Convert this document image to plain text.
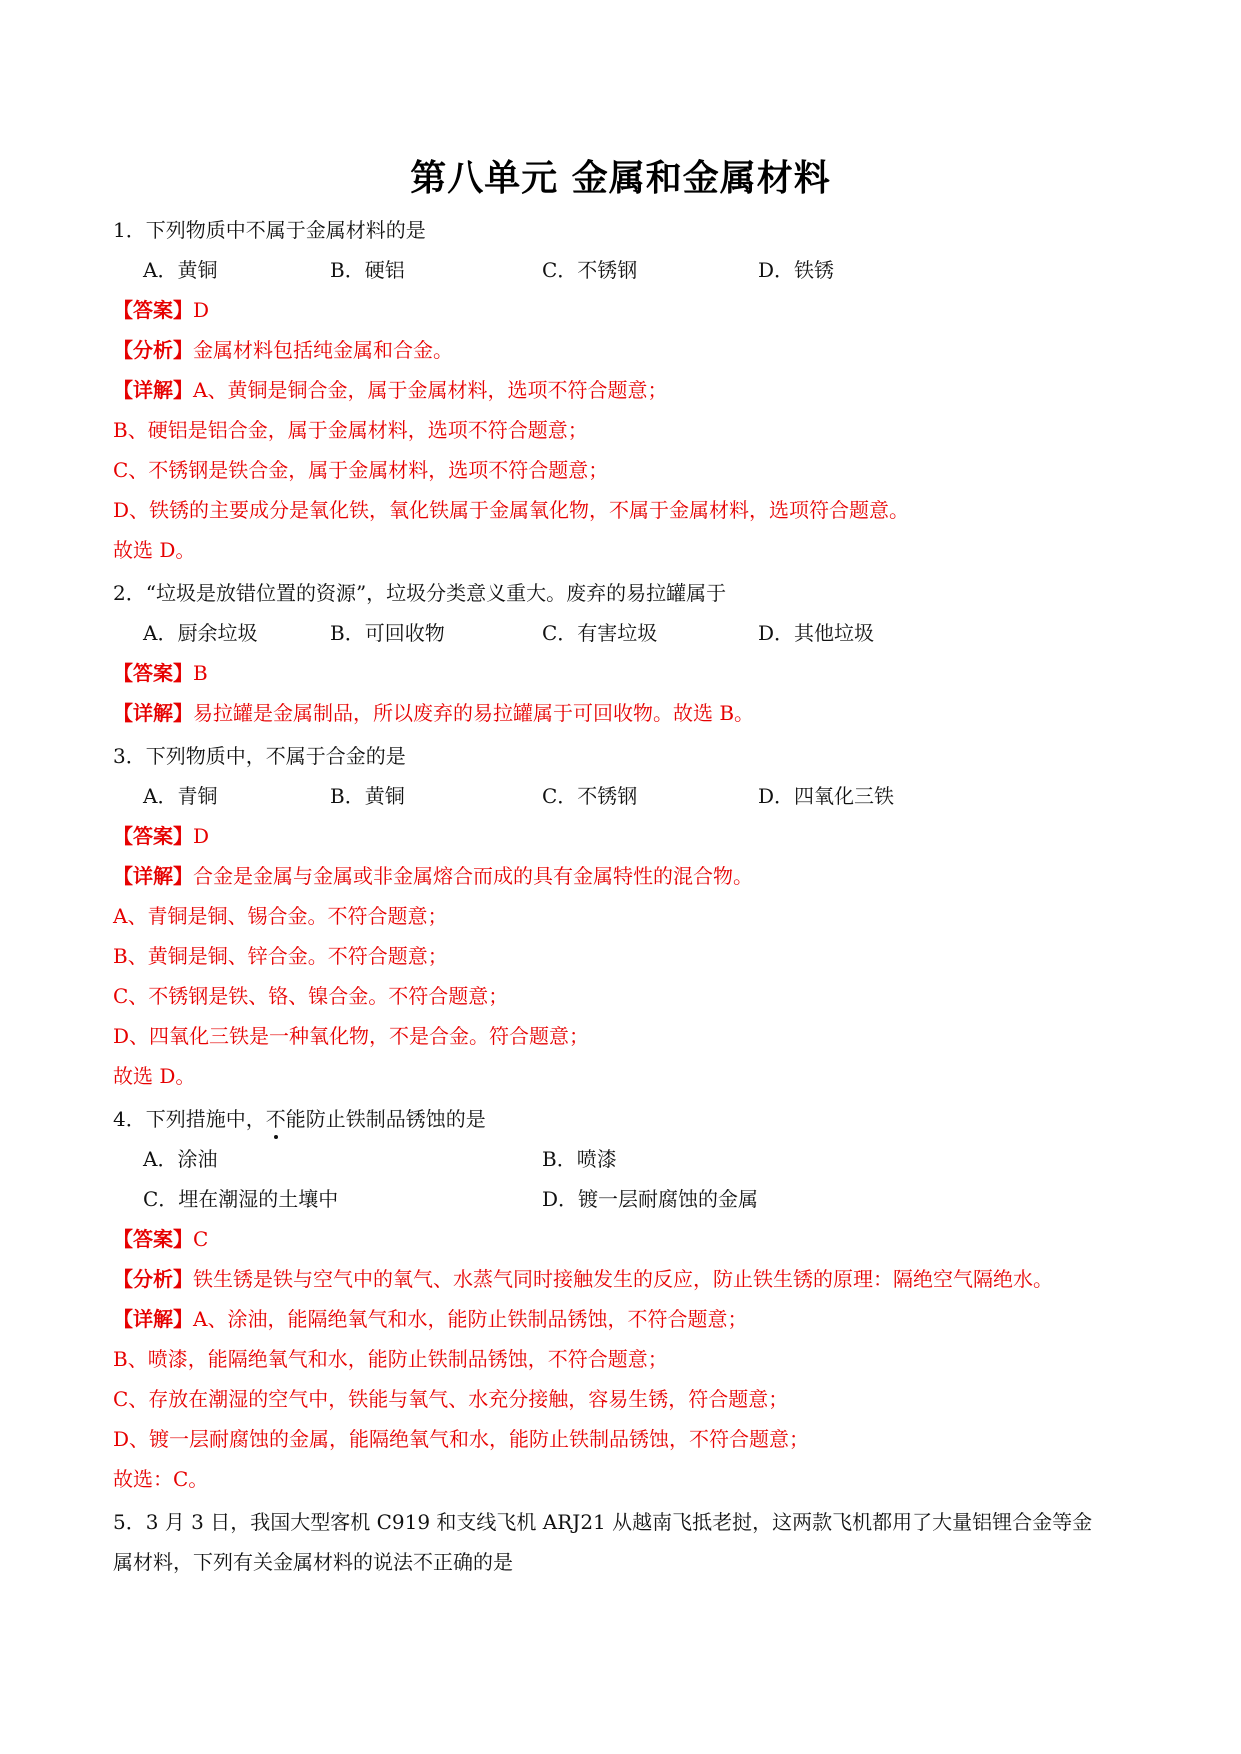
第八单元 金属和金属材料
1．下列物质中不属于金属材料的是
A．黄铜	B．硬铝	C．不锈钢	D．铁锈
【答案】D
【分析】金属材料包括纯金属和合金。
【详解】A、黄铜是铜合金，属于金属材料，选项不符合题意；
B、硬铝是铝合金，属于金属材料，选项不符合题意；
C、不锈钢是铁合金，属于金属材料，选项不符合题意；
D、铁锈的主要成分是氧化铁，氧化铁属于金属氧化物，不属于金属材料，选项符合题意。
故选 D。
2．“垃圾是放错位置的资源”，垃圾分类意义重大。废弃的易拉罐属于
A．厨余垃圾	B．可回收物	C．有害垃圾	D．其他垃圾
【答案】B
【详解】易拉罐是金属制品，所以废弃的易拉罐属于可回收物。故选 B。
3．下列物质中，不属于合金的是
A．青铜	B．黄铜	C．不锈钢	D．四氧化三铁
【答案】D
【详解】合金是金属与金属或非金属熔合而成的具有金属特性的混合物。
A、青铜是铜、锡合金。不符合题意；
B、黄铜是铜、锌合金。不符合题意；
C、不锈钢是铁、铬、镍合金。不符合题意；
D、四氧化三铁是一种氧化物，不是合金。符合题意；
故选 D。
4．下列措施中，不能防止铁制品锈蚀的是
A．涂油	B．喷漆
C．埋在潮湿的土壤中	D．镀一层耐腐蚀的金属
【答案】C
【分析】铁生锈是铁与空气中的氧气、水蒸气同时接触发生的反应，防止铁生锈的原理：隔绝空气隔绝水。
【详解】A、涂油，能隔绝氧气和水，能防止铁制品锈蚀，不符合题意；
B、喷漆，能隔绝氧气和水，能防止铁制品锈蚀，不符合题意；
C、存放在潮湿的空气中，铁能与氧气、水充分接触，容易生锈，符合题意；
D、镀一层耐腐蚀的金属，能隔绝氧气和水，能防止铁制品锈蚀，不符合题意；
故选：C。
5．3 月 3 日，我国大型客机 C919 和支线飞机 ARJ21 从越南飞抵老挝，这两款飞机都用了大量铝锂合金等金
属材料，下列有关金属材料的说法不正确的是
